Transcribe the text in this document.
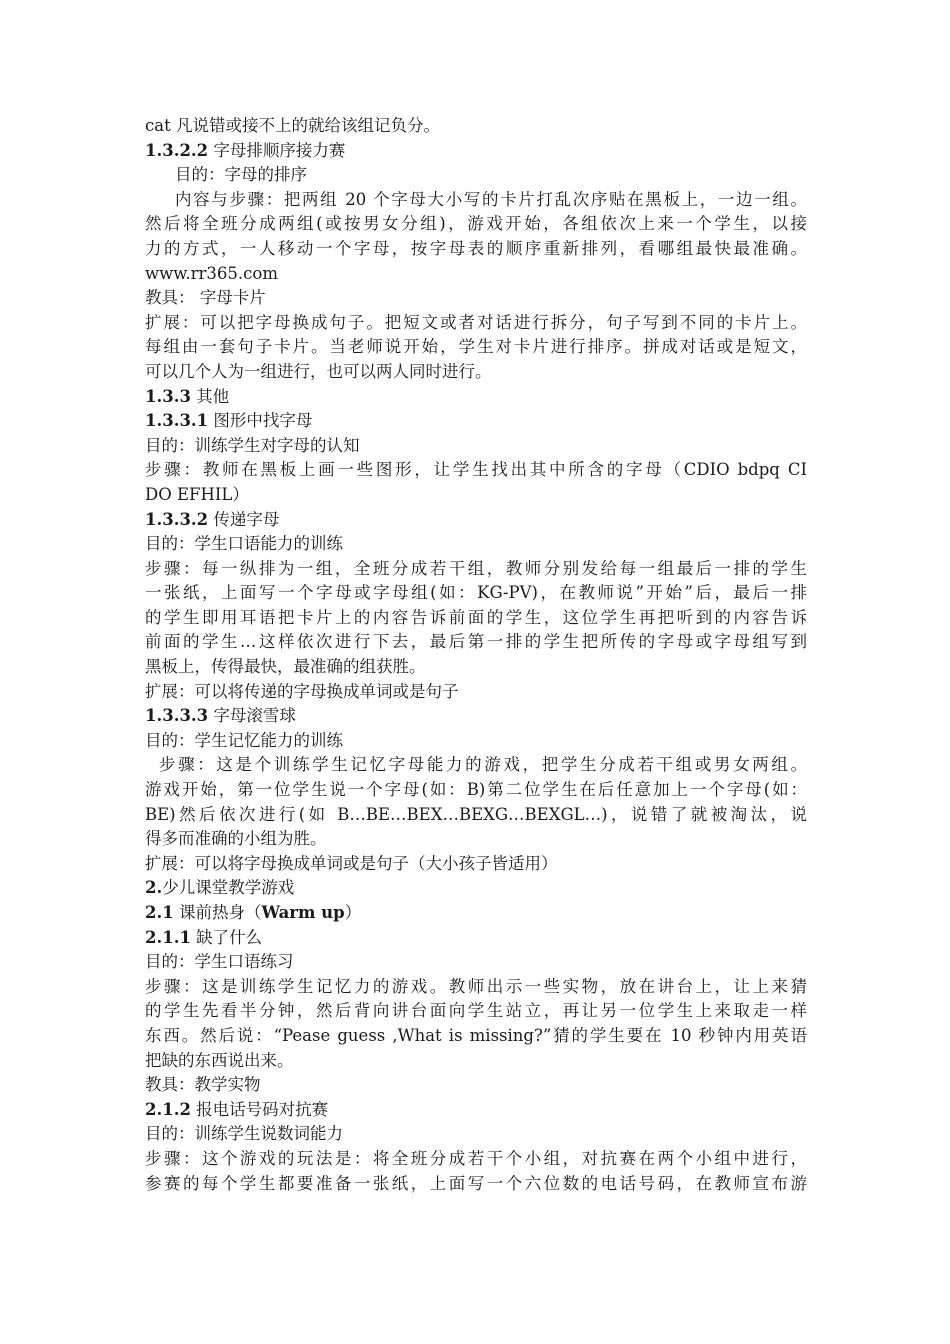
cat 凡说错或接不上的就给该组记负分。
1.3.2.2 字母排顺序接力赛
目的：字母的排序
内容与步骤：把两组 20 个字母大小写的卡片打乱次序贴在黑板上，一边一组。
然后将全班分成两组(或按男女分组)，游戏开始，各组依次上来一个学生，以接
力的方式，一人移动一个字母，按字母表的顺序重新排列，看哪组最快最准确。
www.rr365.com
教具： 字母卡片
扩展：可以把字母换成句子。把短文或者对话进行拆分，句子写到不同的卡片上。
每组由一套句子卡片。当老师说开始，学生对卡片进行排序。拼成对话或是短文，
可以几个人为一组进行，也可以两人同时进行。
1.3.3 其他
1.3.3.1 图形中找字母
目的：训练学生对字母的认知
步骤：教师在黑板上画一些图形，让学生找出其中所含的字母（CDIO bdpq CI
DO EFHIL）
1.3.3.2 传递字母
目的：学生口语能力的训练
步骤：每一纵排为一组，全班分成若干组，教师分别发给每一组最后一排的学生
一张纸，上面写一个字母或字母组(如：KG-PV)，在教师说”开始”后，最后一排
的学生即用耳语把卡片上的内容告诉前面的学生，这位学生再把听到的内容告诉
前面的学生…这样依次进行下去，最后第一排的学生把所传的字母或字母组写到
黑板上，传得最快，最准确的组获胜。
扩展：可以将传递的字母换成单词或是句子
1.3.3.3 字母滚雪球
目的：学生记忆能力的训练
步骤：这是个训练学生记忆字母能力的游戏，把学生分成若干组或男女两组。
游戏开始，第一位学生说一个字母(如：B)第二位学生在后任意加上一个字母(如：
BE)然后依次进行(如 B…BE…BEX…BEXG…BEXGL…)，说错了就被淘汰，说
得多而准确的小组为胜。
扩展：可以将字母换成单词或是句子（大小孩子皆适用）
2.少儿课堂教学游戏
2.1 课前热身（Warm up）
2.1.1 缺了什么
目的：学生口语练习
步骤：这是训练学生记忆力的游戏。教师出示一些实物，放在讲台上，让上来猜
的学生先看半分钟，然后背向讲台面向学生站立，再让另一位学生上来取走一样
东西。然后说：“Pease guess ,What is missing?”猜的学生要在 10 秒钟内用英语
把缺的东西说出来。
教具：教学实物
2.1.2 报电话号码对抗赛
目的：训练学生说数词能力
步骤：这个游戏的玩法是：将全班分成若干个小组，对抗赛在两个小组中进行，
参赛的每个学生都要准备一张纸，上面写一个六位数的电话号码，在教师宣布游
